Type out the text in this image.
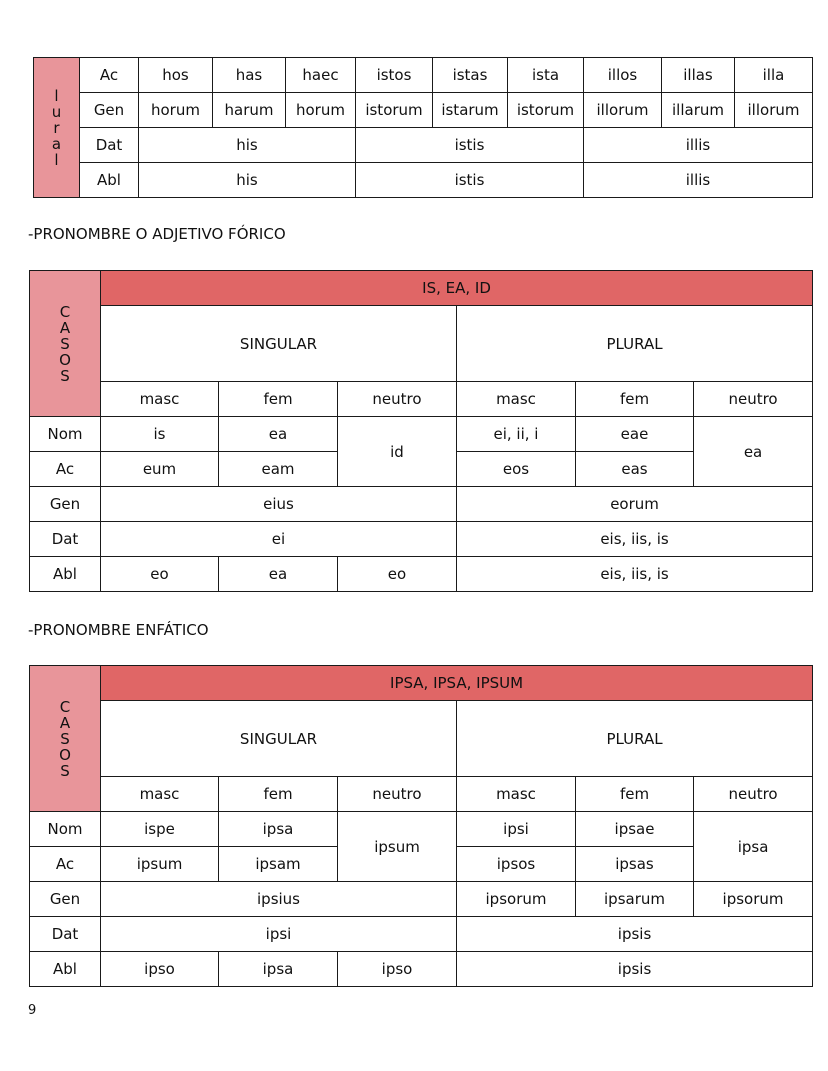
l
u
r
a
l	Ac	hos	has	haec	istos	istas	ista	illos	illas	illa
	Gen	horum	harum	horum	istorum	istarum	istorum	illorum	illarum	illorum
	Dat	his			istis			illis		
	Abl	his			istis			illis		
-PRONOMBRE O ADJETIVO FÓRICO
C
A
S
O
S	IS, EA, ID					
	SINGULAR			PLURAL		
	masc	fem	neutro	masc	fem	neutro
Nom	is	ea	id	ei, ii, i	eae	ea
Ac	eum	eam		eos	eas	
Gen	eius			eorum		
Dat	ei			eis, iis, is		
Abl	eo	ea	eo	eis, iis, is		
-PRONOMBRE ENFÁTICO
C
A
S
O
S	IPSA, IPSA, IPSUM					
	SINGULAR			PLURAL		
	masc	fem	neutro	masc	fem	neutro
Nom	ispe	ipsa	ipsum	ipsi	ipsae	ipsa
Ac	ipsum	ipsam		ipsos	ipsas	
Gen	ipsius			ipsorum	ipsarum	ipsorum
Dat	ipsi			ipsis		
Abl	ipso	ipsa	ipso	ipsis		
9
